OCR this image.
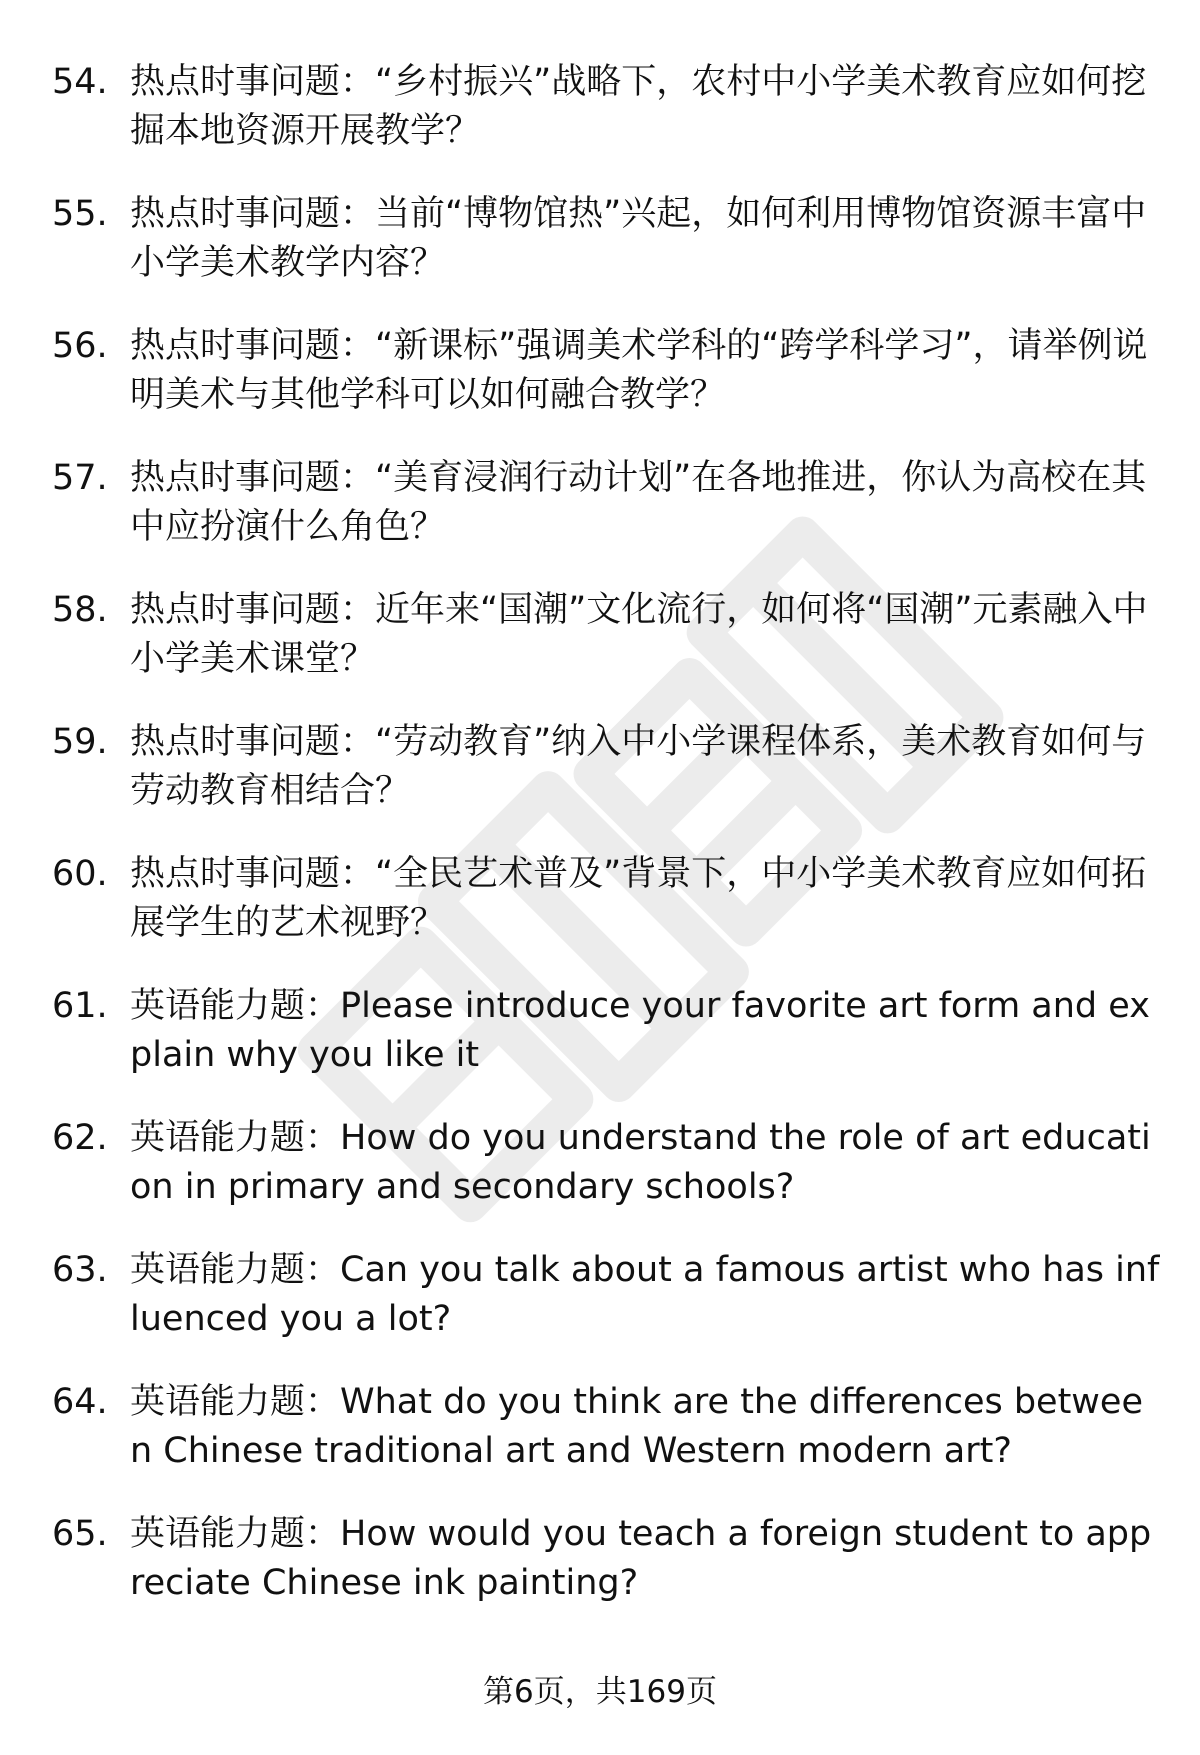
54. 热点时事问题：“乡村振兴”战略下，农村中小学美术教育应如何挖掘本地资源开展教学？
55. 热点时事问题：当前“博物馆热”兴起，如何利用博物馆资源丰富中小学美术教学内容？
56. 热点时事问题：“新课标”强调美术学科的“跨学科学习”，请举例说明美术与其他学科可以如何融合教学？
57. 热点时事问题：“美育浸润行动计划”在各地推进，你认为高校在其中应扮演什么角色？
58. 热点时事问题：近年来“国潮”文化流行，如何将“国潮”元素融入中小学美术课堂？
59. 热点时事问题：“劳动教育”纳入中小学课程体系，美术教育如何与劳动教育相结合？
60. 热点时事问题：“全民艺术普及”背景下，中小学美术教育应如何拓展学生的艺术视野？
61. 英语能力题：Please introduce your favorite art form and explain why you like it
62. 英语能力题：How do you understand the role of art education in primary and secondary schools?
63. 英语能力题：Can you talk about a famous artist who has influenced you a lot?
64. 英语能力题：What do you think are the differences between Chinese traditional art and Western modern art?
65. 英语能力题：How would you teach a foreign student to appreciate Chinese ink painting?
第6页，共169页
